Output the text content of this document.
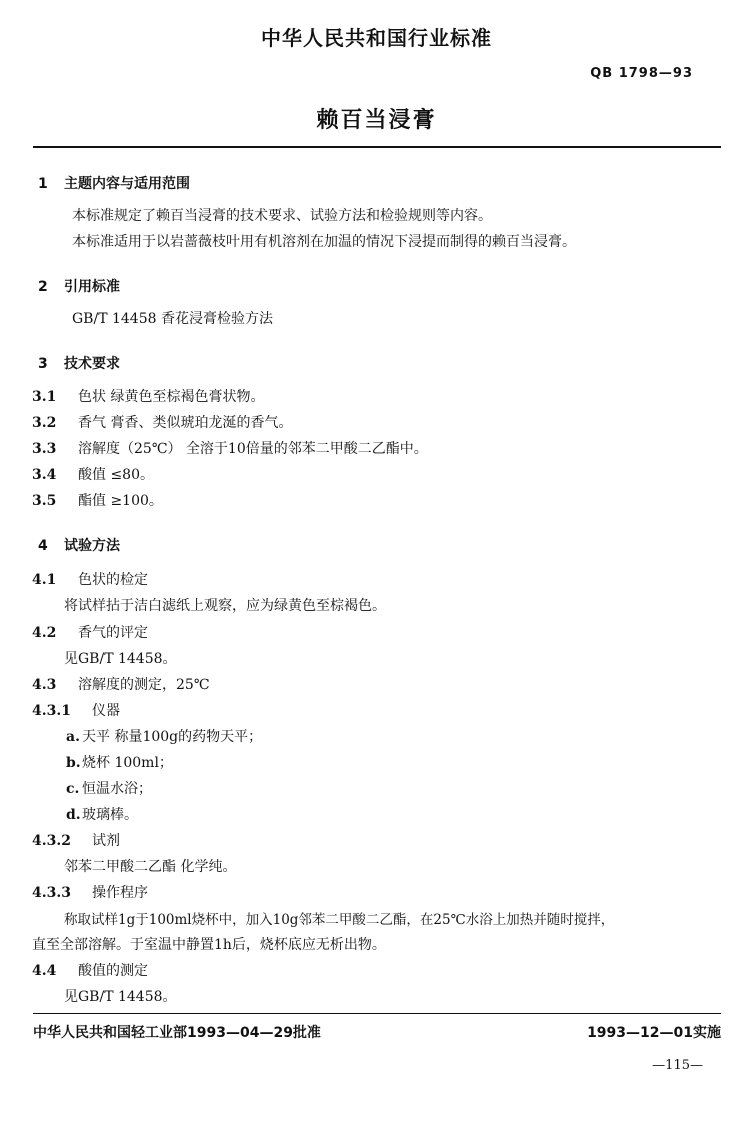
中华人民共和国行业标准
QB 1798—93
赖百当浸膏
1 主题内容与适用范围
本标准规定了赖百当浸膏的技术要求、试验方法和检验规则等内容。
本标准适用于以岩蔷薇枝叶用有机溶剂在加温的情况下浸提而制得的赖百当浸膏。
2 引用标准
GB/T 14458 香花浸膏检验方法
3 技术要求
3.1 色状 绿黄色至棕褐色膏状物。
3.2 香气 膏香、类似琥珀龙涎的香气。
3.3 溶解度（25℃） 全溶于10倍量的邻苯二甲酸二乙酯中。
3.4 酸值 ≤80。
3.5 酯值 ≥100。
4 试验方法
4.1 色状的检定
将试样拈于洁白滤纸上观察，应为绿黄色至棕褐色。
4.2 香气的评定
见GB/T 14458。
4.3 溶解度的测定，25℃
4.3.1 仪器
a. 天平 称量100g的药物天平；
b.烧杯 100ml；
c. 恒温水浴；
d.玻璃棒。
4.3.2 试剂
邻苯二甲酸二乙酯 化学纯。
4.3.3 操作程序
称取试样1g于100ml烧杯中，加入10g邻苯二甲酸二乙酯，在25℃水浴上加热并随时搅拌，
直至全部溶解。于室温中静置1h后，烧杯底应无析出物。
4.4 酸值的测定
见GB/T 14458。
中华人民共和国轻工业部1993—04—29批准	1993—12—01实施
—115—
